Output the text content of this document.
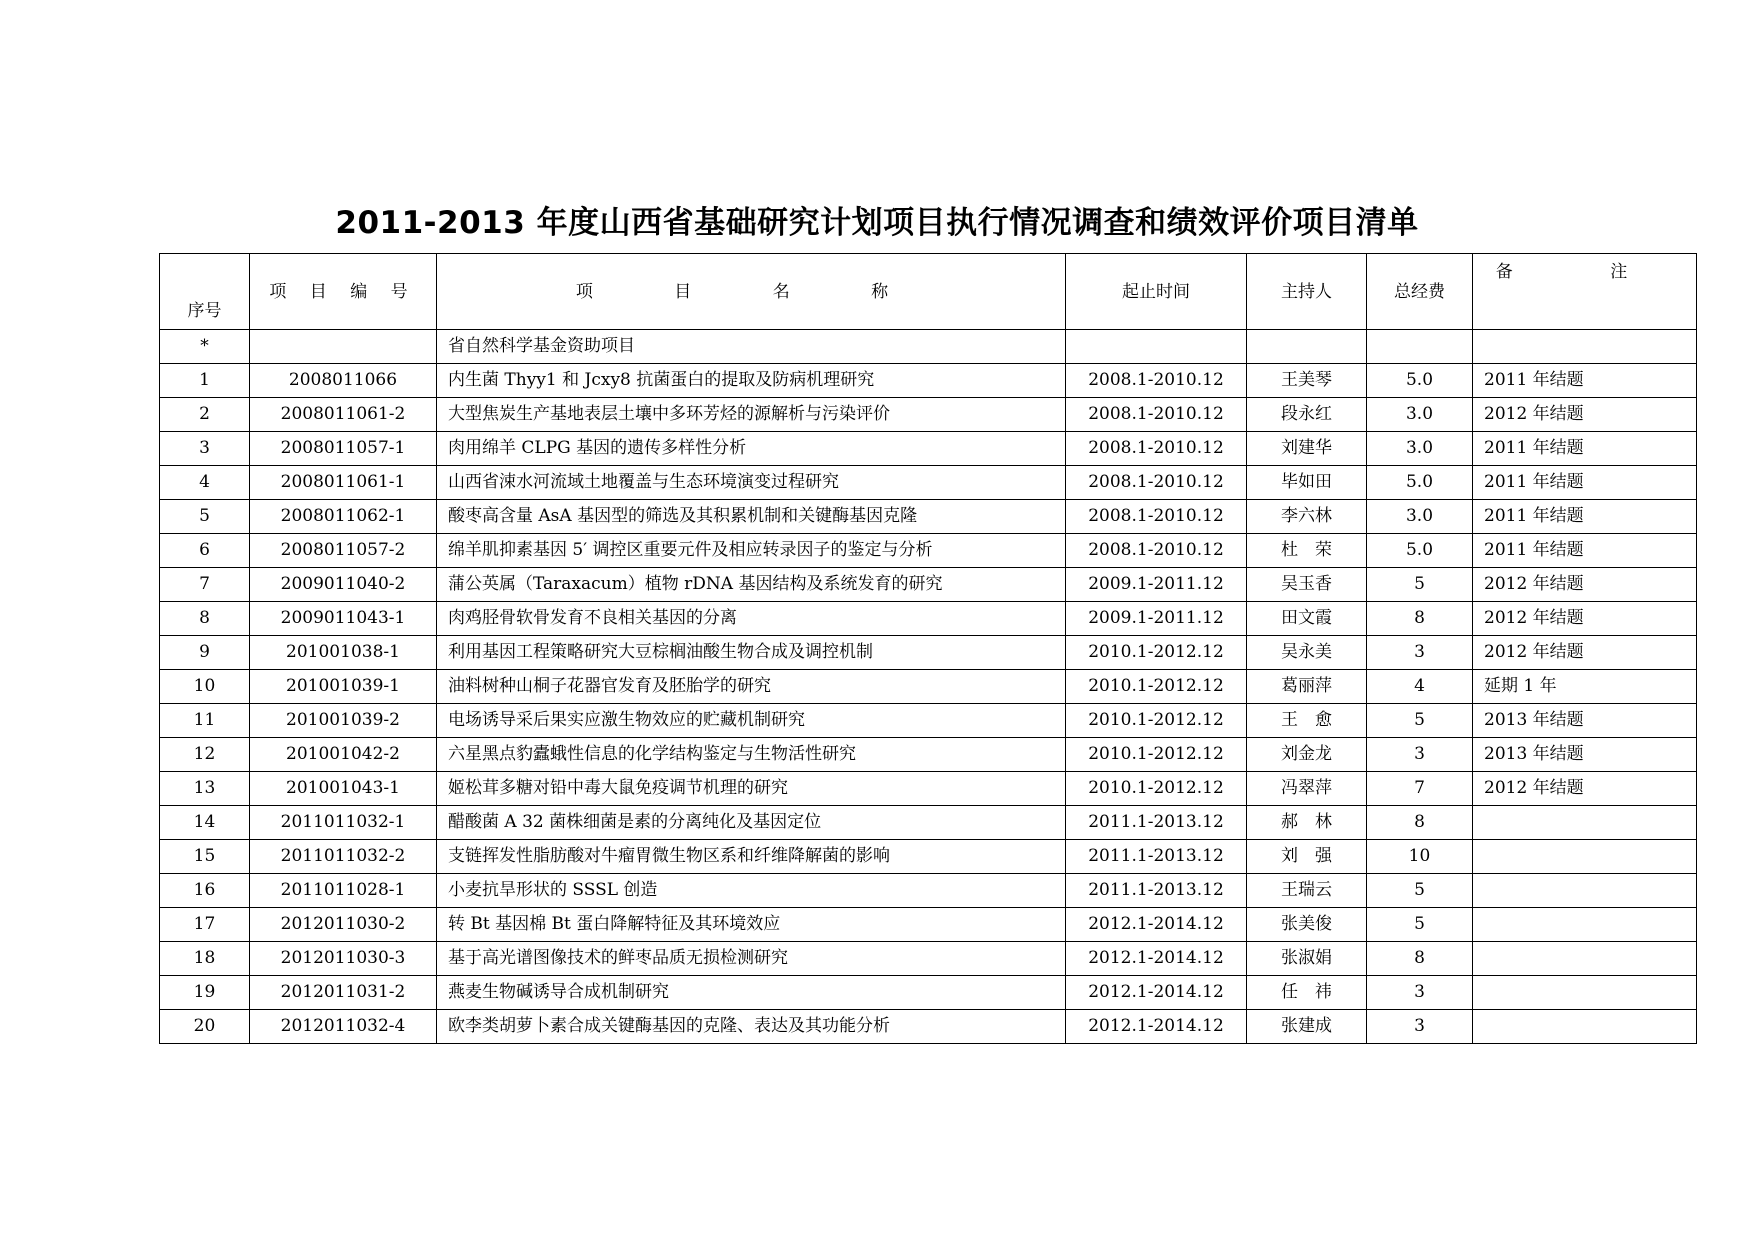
2011-2013 年度山西省基础研究计划项目执行情况调查和绩效评价项目清单
序号	项 目 编 号	项 目 名 称	起止时间	主持人	总经费	备 注
*		省自然科学基金资助项目				
1	2008011066	内生菌 Thyy1 和 Jcxy8 抗菌蛋白的提取及防病机理研究	2008.1-2010.12	王美琴	5.0	2011 年结题
2	2008011061-2	大型焦炭生产基地表层土壤中多环芳烃的源解析与污染评价	2008.1-2010.12	段永红	3.0	2012 年结题
3	2008011057-1	肉用绵羊 CLPG 基因的遗传多样性分析	2008.1-2010.12	刘建华	3.0	2011 年结题
4	2008011061-1	山西省涑水河流域土地覆盖与生态环境演变过程研究	2008.1-2010.12	毕如田	5.0	2011 年结题
5	2008011062-1	酸枣高含量 AsA 基因型的筛选及其积累机制和关键酶基因克隆	2008.1-2010.12	李六林	3.0	2011 年结题
6	2008011057-2	绵羊肌抑素基因 5′ 调控区重要元件及相应转录因子的鉴定与分析	2008.1-2010.12	杜　荣	5.0	2011 年结题
7	2009011040-2	蒲公英属（Taraxacum）植物 rDNA 基因结构及系统发育的研究	2009.1-2011.12	吴玉香	5	2012 年结题
8	2009011043-1	肉鸡胫骨软骨发育不良相关基因的分离	2009.1-2011.12	田文霞	8	2012 年结题
9	201001038-1	利用基因工程策略研究大豆棕榈油酸生物合成及调控机制	2010.1-2012.12	吴永美	3	2012 年结题
10	201001039-1	油料树种山桐子花器官发育及胚胎学的研究	2010.1-2012.12	葛丽萍	4	延期 1 年
11	201001039-2	电场诱导采后果实应激生物效应的贮藏机制研究	2010.1-2012.12	王　愈	5	2013 年结题
12	201001042-2	六星黑点豹蠹蛾性信息的化学结构鉴定与生物活性研究	2010.1-2012.12	刘金龙	3	2013 年结题
13	201001043-1	姬松茸多糖对铅中毒大鼠免疫调节机理的研究	2010.1-2012.12	冯翠萍	7	2012 年结题
14	2011011032-1	醋酸菌 A 32 菌株细菌是素的分离纯化及基因定位	2011.1-2013.12	郝　林	8	
15	2011011032-2	支链挥发性脂肪酸对牛瘤胃微生物区系和纤维降解菌的影响	2011.1-2013.12	刘　强	10	
16	2011011028-1	小麦抗旱形状的 SSSL 创造	2011.1-2013.12	王瑞云	5	
17	2012011030-2	转 Bt 基因棉 Bt 蛋白降解特征及其环境效应	2012.1-2014.12	张美俊	5	
18	2012011030-3	基于高光谱图像技术的鲜枣品质无损检测研究	2012.1-2014.12	张淑娟	8	
19	2012011031-2	燕麦生物碱诱导合成机制研究	2012.1-2014.12	任　祎	3	
20	2012011032-4	欧李类胡萝卜素合成关键酶基因的克隆、表达及其功能分析	2012.1-2014.12	张建成	3	
